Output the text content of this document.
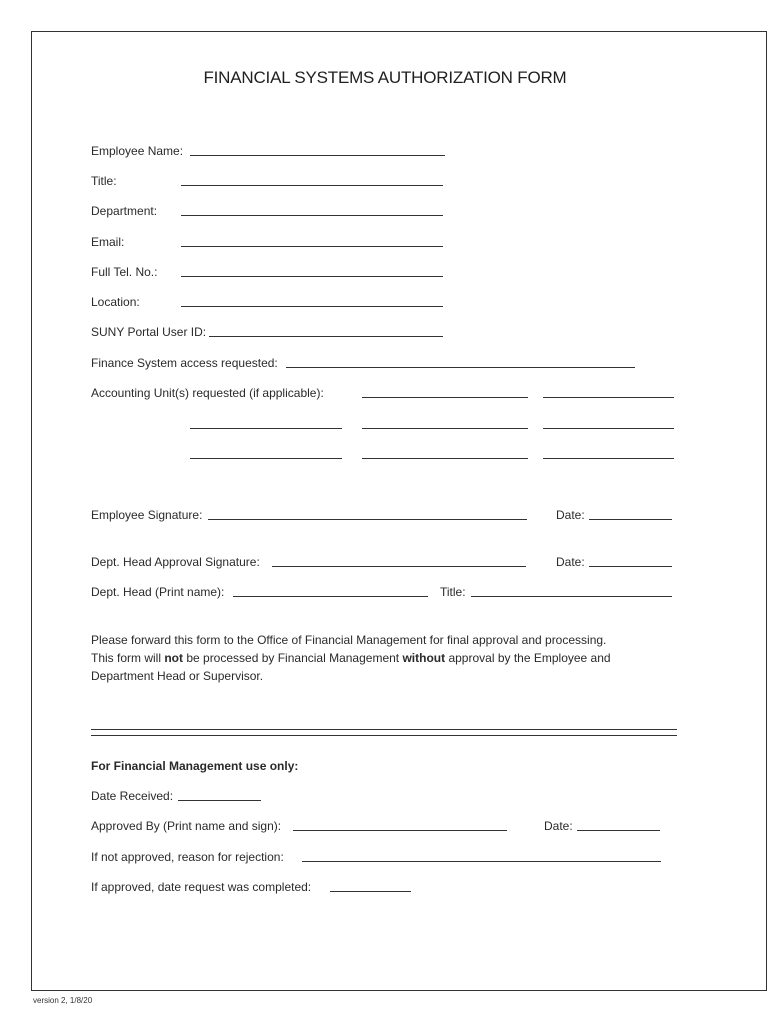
FINANCIAL SYSTEMS AUTHORIZATION FORM
Employee Name:
Title:
Department:
Email:
Full Tel. No.:
Location:
SUNY Portal User ID:
Finance System access requested:
Accounting Unit(s) requested (if applicable):
Employee Signature:	Date:
Dept. Head Approval Signature:	Date:
Dept. Head (Print name):	Title:
Please forward this form to the Office of Financial Management for final approval and processing.
This form will not be processed by Financial Management without approval by the Employee and
Department Head or Supervisor.
For Financial Management use only:
Date Received:
Approved By (Print name and sign):	Date:
If not approved, reason for rejection:
If approved, date request was completed:
version 2, 1/8/20
